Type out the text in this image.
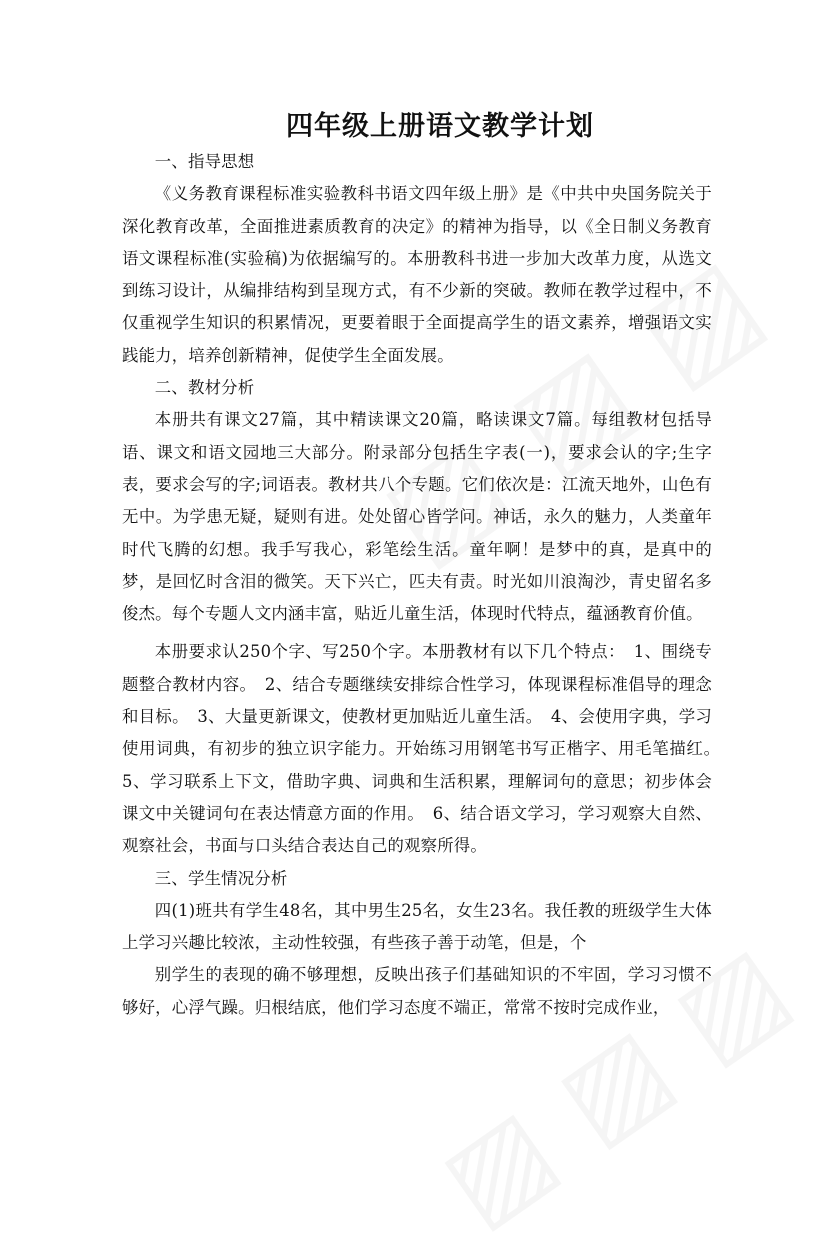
四年级上册语文教学计划

一、指导思想

《义务教育课程标准实验教科书语文四年级上册》是《中共中央国务院关于深化教育改革，全面推进素质教育的决定》的精神为指导，以《全日制义务教育语文课程标准(实验稿)为依据编写的。本册教科书进一步加大改革力度，从选文到练习设计，从编排结构到呈现方式，有不少新的突破。教师在教学过程中，不仅重视学生知识的积累情况，更要着眼于全面提高学生的语文素养，增强语文实践能力，培养创新精神，促使学生全面发展。

二、教材分析

本册共有课文27篇，其中精读课文20篇，略读课文7篇。每组教材包括导语、课文和语文园地三大部分。附录部分包括生字表(一)，要求会认的字;生字表，要求会写的字;词语表。教材共八个专题。它们依次是：江流天地外，山色有无中。为学患无疑，疑则有进。处处留心皆学问。神话，永久的魅力，人类童年时代飞腾的幻想。我手写我心，彩笔绘生活。童年啊！是梦中的真，是真中的梦，是回忆时含泪的微笑。天下兴亡，匹夫有责。时光如川浪淘沙，青史留名多俊杰。每个专题人文内涵丰富，贴近儿童生活，体现时代特点，蕴涵教育价值。

本册要求认250个字、写250个字。本册教材有以下几个特点：　1、围绕专题整合教材内容。　2、结合专题继续安排综合性学习，体现课程标准倡导的理念和目标。　3、大量更新课文，使教材更加贴近儿童生活。　4、会使用字典，学习使用词典，有初步的独立识字能力。开始练习用钢笔书写正楷字、用毛笔描红。　5、学习联系上下文，借助字典、词典和生活积累，理解词句的意思；初步体会课文中关键词句在表达情意方面的作用。　6、结合语文学习，学习观察大自然、观察社会，书面与口头结合表达自己的观察所得。

三、学生情况分析

四(1)班共有学生48名，其中男生25名，女生23名。我任教的班级学生大体上学习兴趣比较浓，主动性较强，有些孩子善于动笔，但是，个

别学生的表现的确不够理想，反映出孩子们基础知识的不牢固，学习习惯不够好，心浮气躁。归根结底，他们学习态度不端正，常常不按时完成作业，
